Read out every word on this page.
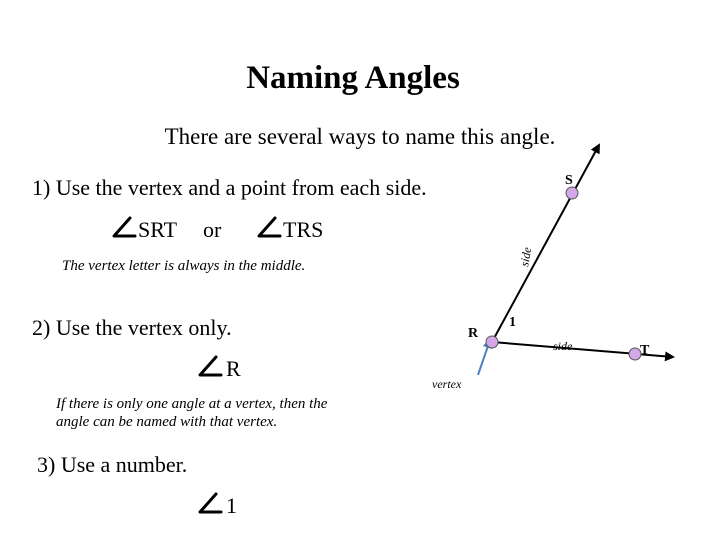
Naming Angles
There are several ways to name this angle.
1) Use the vertex and a point from each side.
SRT or	TRS
The vertex letter is always in the middle.
2) Use the vertex only.
R
If there is only one angle at a vertex, then the
angle can be named with that vertex.
3) Use a number.
1
S
R
T
1
side
side
vertex
